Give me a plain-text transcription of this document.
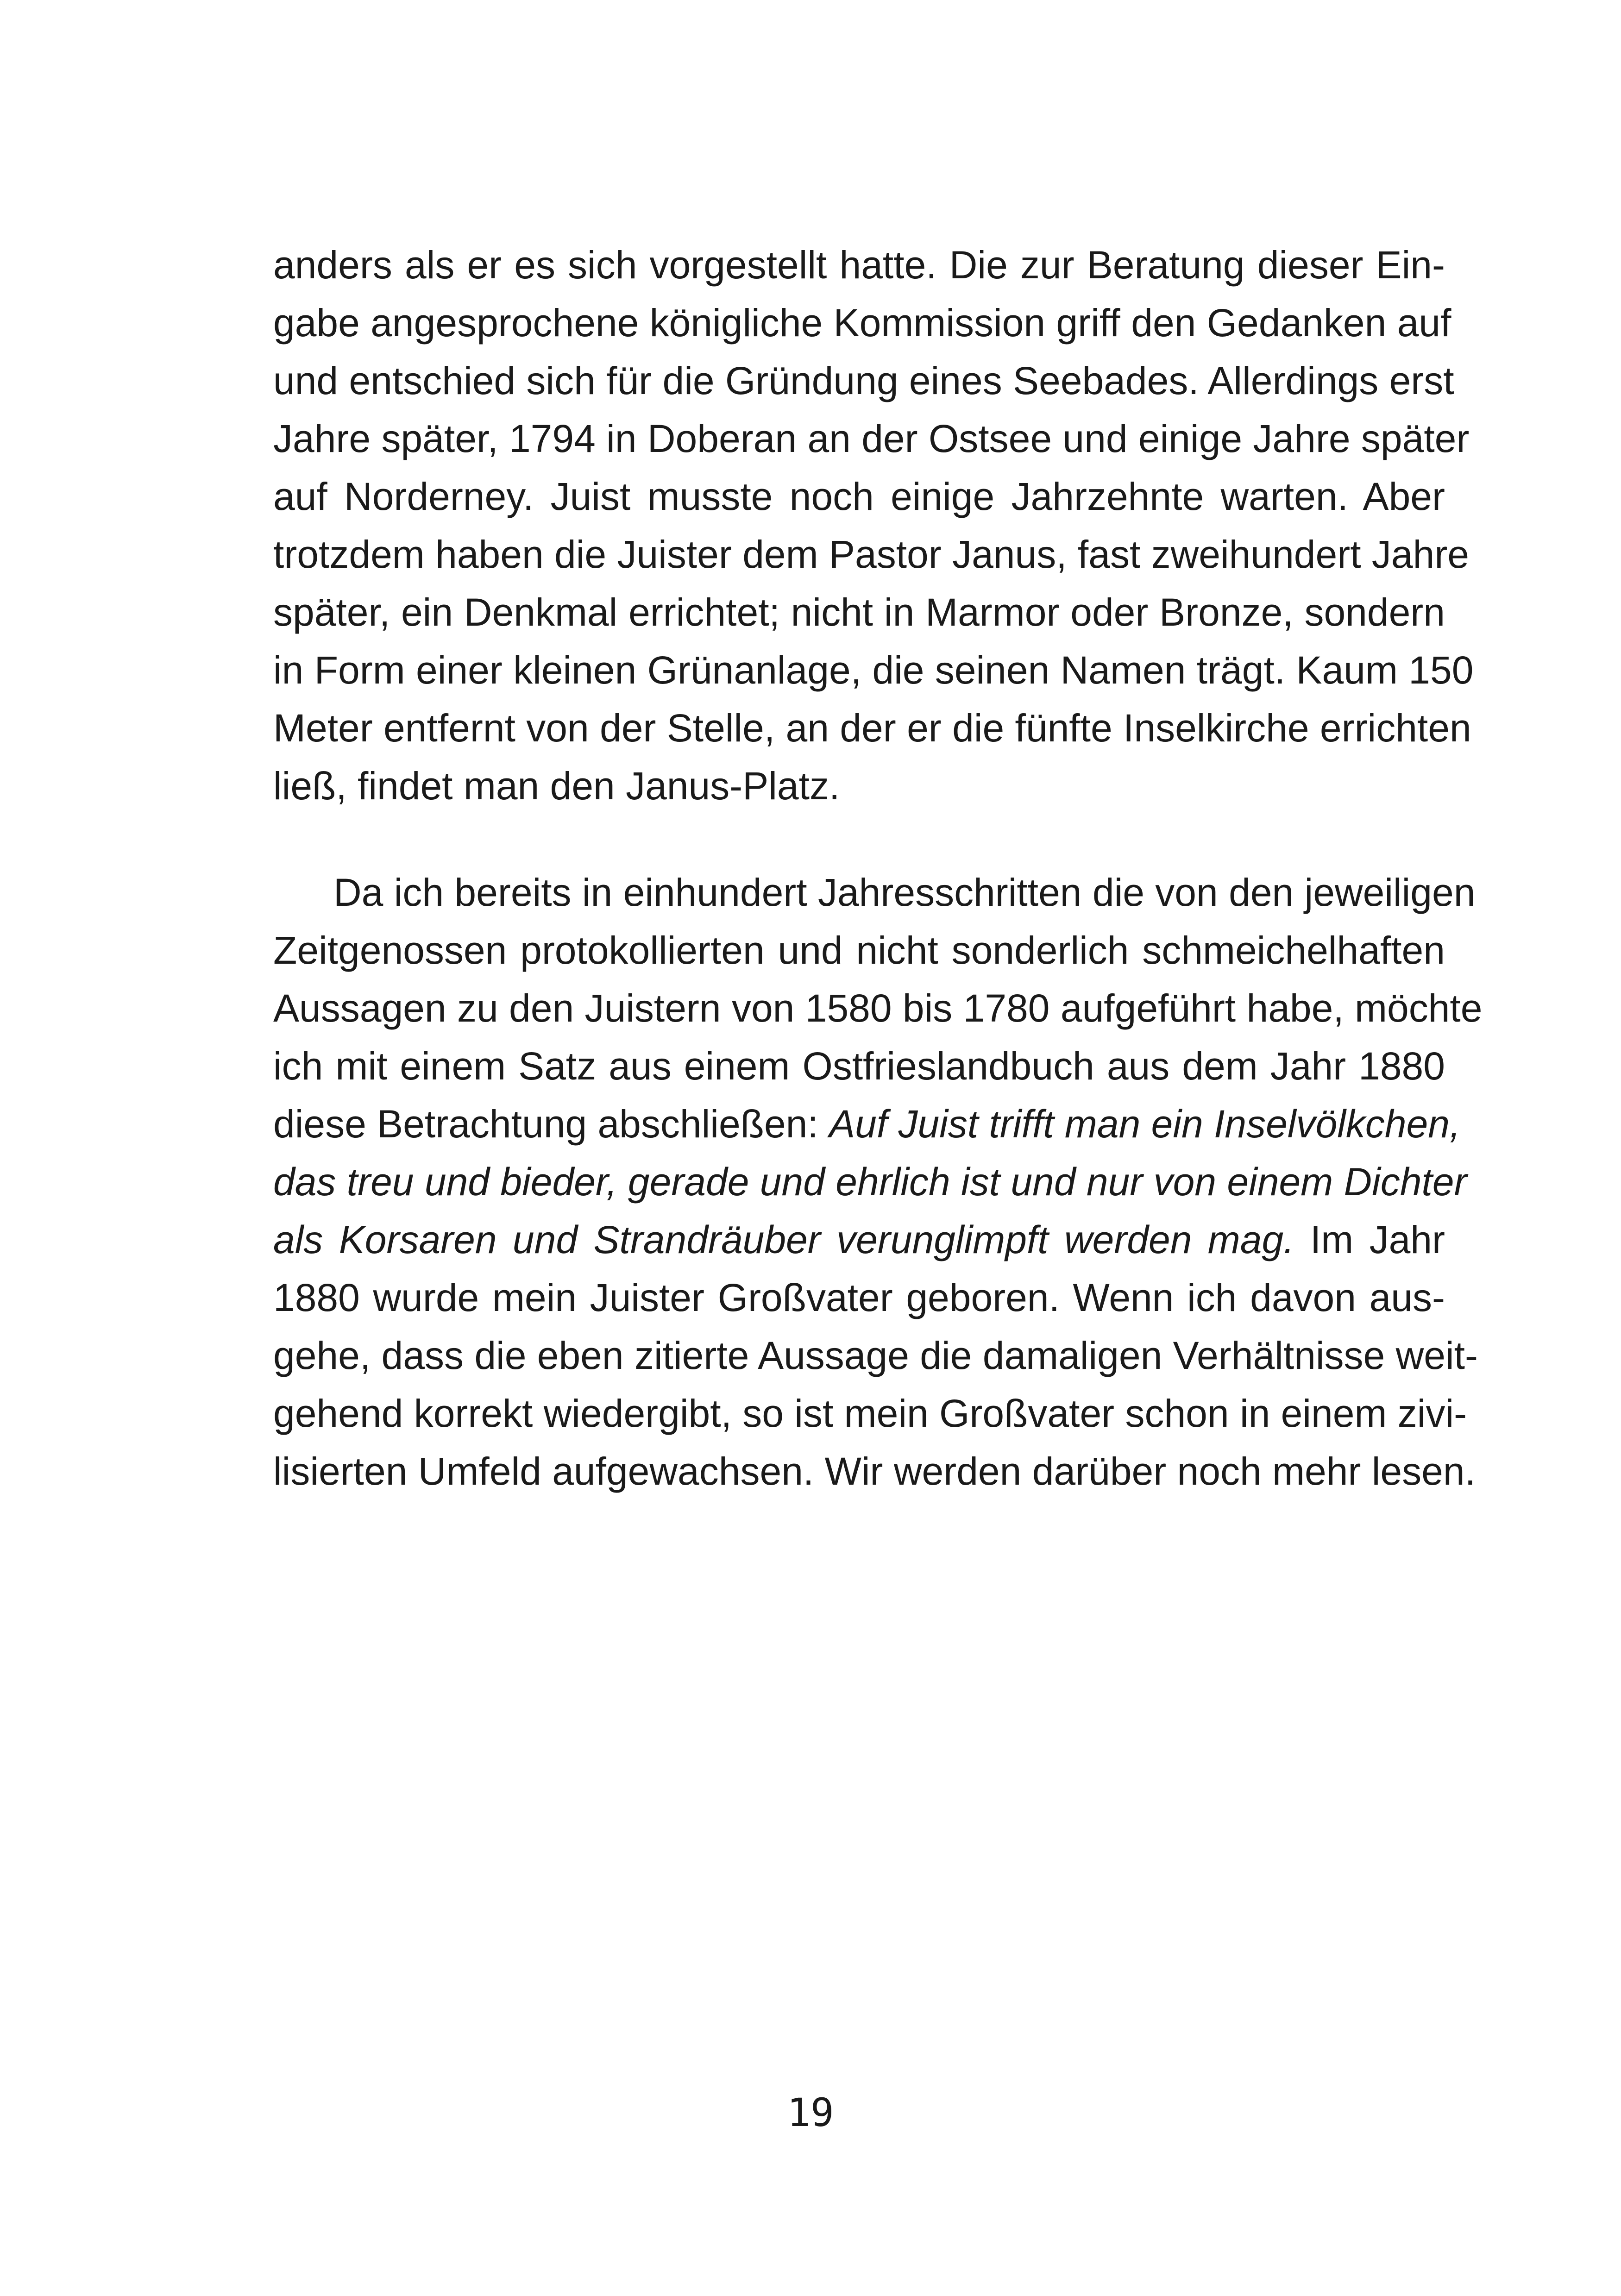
anders als er es sich vorgestellt hatte. Die zur Beratung dieser Ein-
gabe angesprochene königliche Kommission griff den Gedanken auf
und entschied sich für die Gründung eines Seebades. Allerdings erst
Jahre später, 1794 in Doberan an der Ostsee und einige Jahre später
auf Norderney. Juist musste noch einige Jahrzehnte warten. Aber
trotzdem haben die Juister dem Pastor Janus, fast zweihundert Jahre
später, ein Denkmal errichtet; nicht in Marmor oder Bronze, sondern
in Form einer kleinen Grünanlage, die seinen Namen trägt. Kaum 150
Meter entfernt von der Stelle, an der er die fünfte Inselkirche errichten
ließ, findet man den Janus-Platz.
Da ich bereits in einhundert Jahresschritten die von den jeweiligen
Zeitgenossen protokollierten und nicht sonderlich schmeichelhaften
Aussagen zu den Juistern von 1580 bis 1780 aufgeführt habe, möchte
ich mit einem Satz aus einem Ostfrieslandbuch aus dem Jahr 1880
diese Betrachtung abschließen: Auf Juist trifft man ein Inselvölkchen,
das treu und bieder, gerade und ehrlich ist und nur von einem Dichter
als Korsaren und Strandräuber verunglimpft werden mag. Im Jahr
1880 wurde mein Juister Großvater geboren. Wenn ich davon aus-
gehe, dass die eben zitierte Aussage die damaligen Verhältnisse weit-
gehend korrekt wiedergibt, so ist mein Großvater schon in einem zivi-
lisierten Umfeld aufgewachsen. Wir werden darüber noch mehr lesen.
19
